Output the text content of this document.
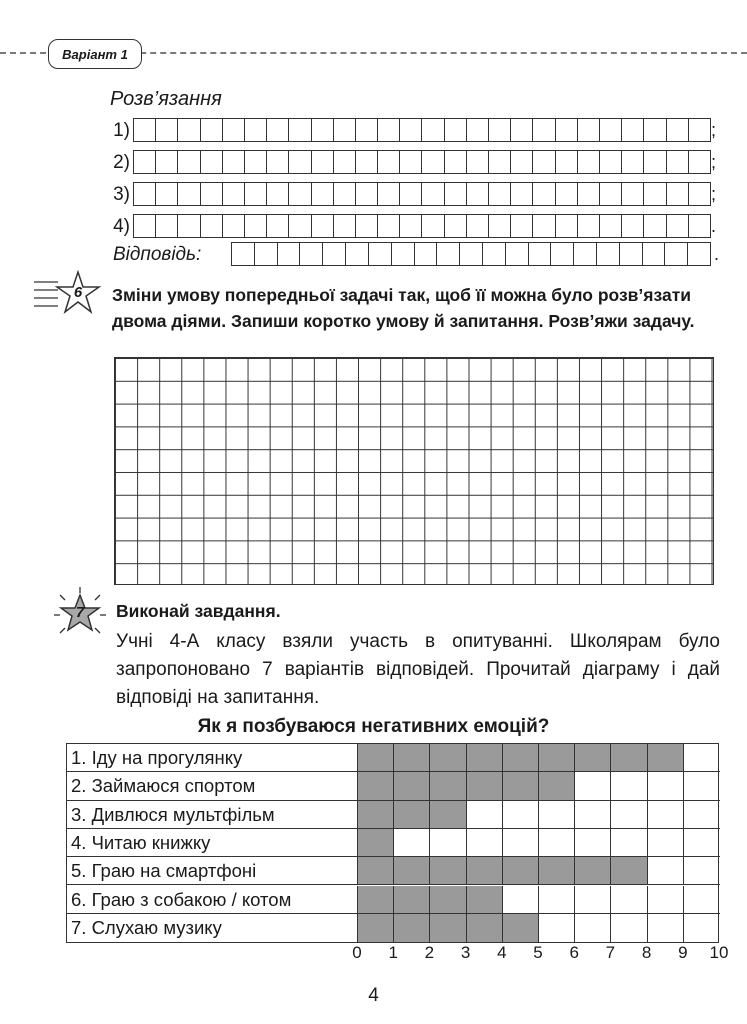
Варіант 1
Розв’язання
1)	;
2)	;
3)	;
4)	.
Відповідь:	.
6 Зміни умову попередньої задачі так, щоб її можна було розв’язати двома діями. Запиши коротко умову й запитання. Розв’яжи задачу.
7 Виконай завдання.
Учні 4-А класу взяли участь в опитуванні. Школярам було запропоновано 7 варіантів відповідей. Прочитай діаграму і дай відповіді на запитання.
Як я позбуваюся негативних емоцій?
1. Іду на прогулянку
2. Займаюся спортом
3. Дивлюся мультфільм
4. Читаю книжку
5. Граю на смартфоні
6. Граю з собакою / котом
7. Слухаю музику
0	1	2	3	4	5	6	7	8	9	10
4
